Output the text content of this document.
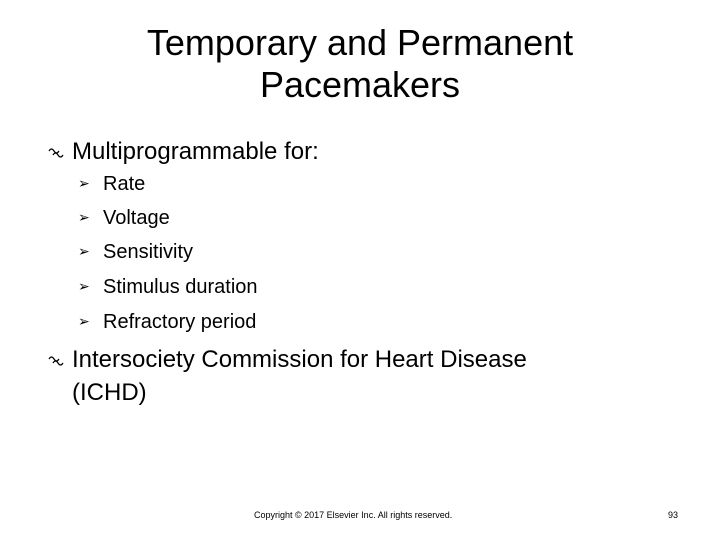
Temporary and Permanent
Pacemakers
Multiprogrammable for:
➢ Rate
➢ Voltage
➢ Sensitivity
➢ Stimulus duration
➢ Refractory period
Intersociety Commission for Heart Disease
(ICHD)
Copyright © 2017 Elsevier Inc. All rights reserved.	93
